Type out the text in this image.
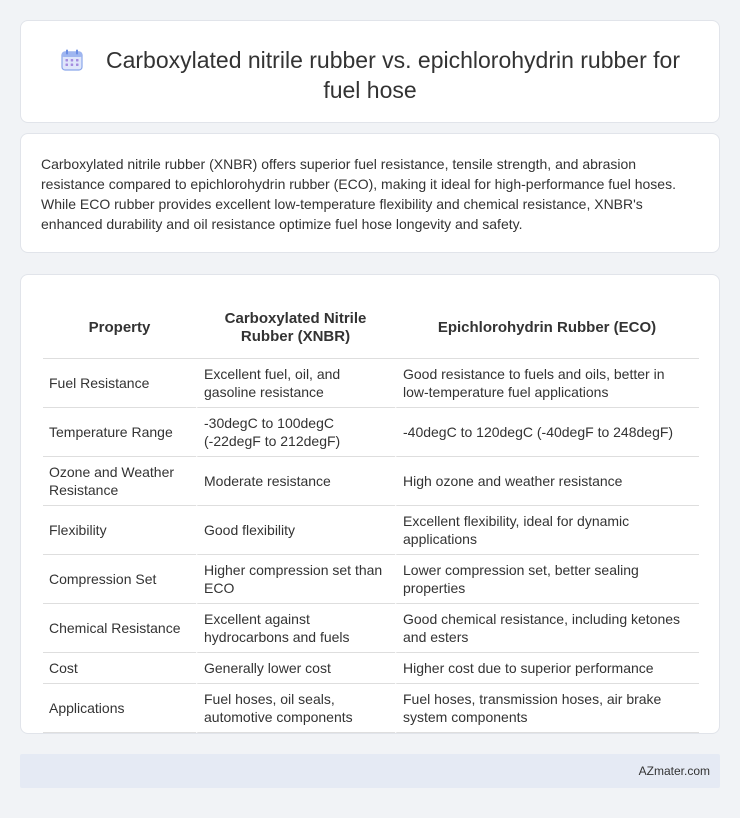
Carboxylated nitrile rubber vs. epichlorohydrin rubber for fuel hose

Carboxylated nitrile rubber (XNBR) offers superior fuel resistance, tensile strength, and abrasion resistance compared to epichlorohydrin rubber (ECO), making it ideal for high-performance fuel hoses. While ECO rubber provides excellent low-temperature flexibility and chemical resistance, XNBR's enhanced durability and oil resistance optimize fuel hose longevity and safety.

Property	Carboxylated Nitrile Rubber (XNBR)	Epichlorohydrin Rubber (ECO)
Fuel Resistance	Excellent fuel, oil, and gasoline resistance	Good resistance to fuels and oils, better in low-temperature fuel applications
Temperature Range	-30degC to 100degC (-22degF to 212degF)	-40degC to 120degC (-40degF to 248degF)
Ozone and Weather Resistance	Moderate resistance	High ozone and weather resistance
Flexibility	Good flexibility	Excellent flexibility, ideal for dynamic applications
Compression Set	Higher compression set than ECO	Lower compression set, better sealing properties
Chemical Resistance	Excellent against hydrocarbons and fuels	Good chemical resistance, including ketones and esters
Cost	Generally lower cost	Higher cost due to superior performance
Applications	Fuel hoses, oil seals, automotive components	Fuel hoses, transmission hoses, air brake system components
AZmater.com
